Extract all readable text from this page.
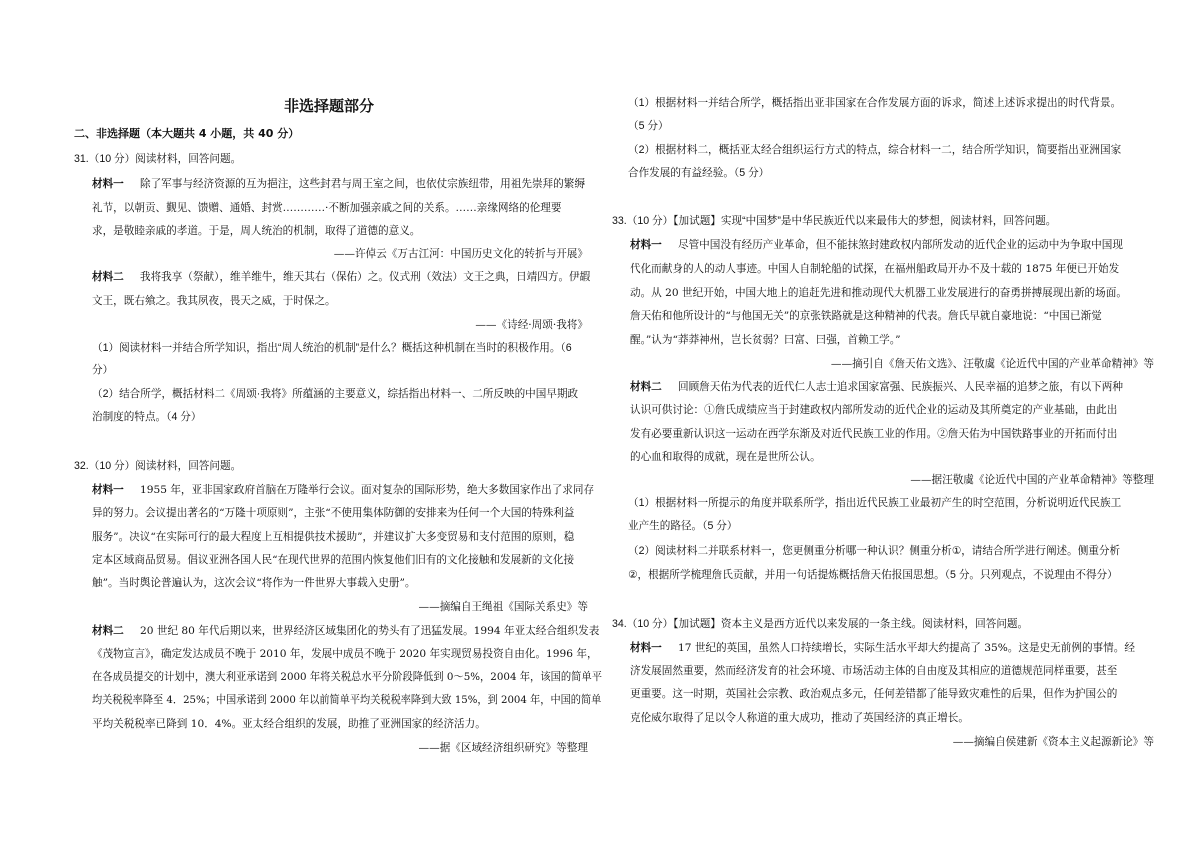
非选择题部分
二、非选择题（本大题共 4 小题，共 40 分）
31.（10 分）阅读材料，回答问题。
材料一 除了军事与经济资源的互为挹注，这些封君与周王室之间，也依仗宗族纽带，用祖先崇拜的繁缛
礼节，以朝贡、觐见、馈赠、通婚、封赏…………·不断加强亲戚之间的关系。……亲缘网络的伦理要
求，是敬睦亲戚的孝道。于是，周人统治的机制，取得了道德的意义。
——许倬云《万古江河：中国历史文化的转折与开展》
材料二 我将我享（祭献），维羊维牛，维天其右（保佑）之。仪式刑（效法）文王之典，日靖四方。伊嘏
文王，既右飨之。我其夙夜，畏天之威，于时保之。
——《诗经·周颂·我将》
（1）阅读材料一并结合所学知识，指出“周人统治的机制”是什么？概括这种机制在当时的积极作用。（6
分）
（2）结合所学，概括材料二《周颂·我将》所蕴涵的主要意义，综括指出材料一、二所反映的中国早期政
治制度的特点。（4 分）
32.（10 分）阅读材料，回答问题。
材料一 1955 年，亚非国家政府首脑在万隆举行会议。面对复杂的国际形势，绝大多数国家作出了求同存
异的努力。会议提出著名的“万隆十项原则”，主张“不使用集体防御的安排来为任何一个大国的特殊利益
服务”。决议“在实际可行的最大程度上互相提供技术援助”，并建议扩大多变贸易和支付范围的原则，稳
定本区域商品贸易。倡议亚洲各国人民“在现代世界的范围内恢复他们旧有的文化接触和发展新的文化接
触”。当时舆论普遍认为，这次会议“将作为一件世界大事载入史册”。
——摘编自王绳祖《国际关系史》等
材料二 20 世纪 80 年代后期以来，世界经济区域集团化的势头有了迅猛发展。1994 年亚太经合组织发表
《茂物宣言》，确定发达成员不晚于 2010 年，发展中成员不晚于 2020 年实现贸易投资自由化。1996 年，
在各成员提交的计划中，澳大利亚承诺到 2000 年将关税总水平分阶段降低到 0～5%，2004 年，该国的简单平
均关税税率降至 4．25%；中国承诺到 2000 年以前简单平均关税税率降到大致 15%，到 2004 年，中国的简单
平均关税税率已降到 10．4%。亚太经合组织的发展，助推了亚洲国家的经济活力。
——据《区域经济组织研究》等整理
（1）根据材料一并结合所学，概括指出亚非国家在合作发展方面的诉求，简述上述诉求提出的时代背景。
（5 分）
（2）根据材料二，概括亚太经合组织运行方式的特点，综合材料一二，结合所学知识，简要指出亚洲国家
合作发展的有益经验。（5 分）
33.（10 分）【加试题】实现“中国梦”是中华民族近代以来最伟大的梦想，阅读材料，回答问题。
材料一 尽管中国没有经历产业革命，但不能抹煞封建政权内部所发动的近代企业的运动中为争取中国现
代化而献身的人的动人事迹。中国人自制轮船的试探，在福州船政局开办不及十载的 1875 年便已开始发
动。从 20 世纪开始，中国大地上的追赶先进和推动现代大机器工业发展进行的奋勇拼搏展现出新的场面。
詹天佑和他所设计的“与他国无关”的京张铁路就是这种精神的代表。詹氏早就自豪地说：“中国已渐觉
醒。”认为“莽莽神州，岂长贫弱？曰富、曰强，首赖工学。”
——摘引自《詹天佑文选》、汪敬虞《论近代中国的产业革命精神》等
材料二 回顾詹天佑为代表的近代仁人志士追求国家富强、民族振兴、人民幸福的追梦之旅，有以下两种
认识可供讨论：①詹氏成绩应当于封建政权内部所发动的近代企业的运动及其所奠定的产业基础，由此出
发有必要重新认识这一运动在西学东渐及对近代民族工业的作用。②詹天佑为中国铁路事业的开拓而付出
的心血和取得的成就，现在是世所公认。
——据汪敬虞《论近代中国的产业革命精神》等整理
（1）根据材料一所提示的角度并联系所学，指出近代民族工业最初产生的时空范围，分析说明近代民族工
业产生的路径。（5 分）
（2）阅读材料二并联系材料一，您更侧重分析哪一种认识？侧重分析①，请结合所学进行阐述。侧重分析
②，根据所学梳理詹氏贡献，并用一句话提炼概括詹天佑报国思想。（5 分。只列观点，不说理由不得分）
34.（10 分）【加试题】资本主义是西方近代以来发展的一条主线。阅读材料，回答问题。
材料一 17 世纪的英国，虽然人口持续增长，实际生活水平却大约提高了 35%。这是史无前例的事情。经
济发展固然重要，然而经济发育的社会环境、市场活动主体的自由度及其相应的道德规范同样重要，甚至
更重要。这一时期，英国社会宗教、政治观点多元，任何差错都了能导致灾难性的后果，但作为护国公的
克伦威尔取得了足以令人称道的重大成功，推动了英国经济的真正增长。
——摘编自侯建新《资本主义起源新论》等
